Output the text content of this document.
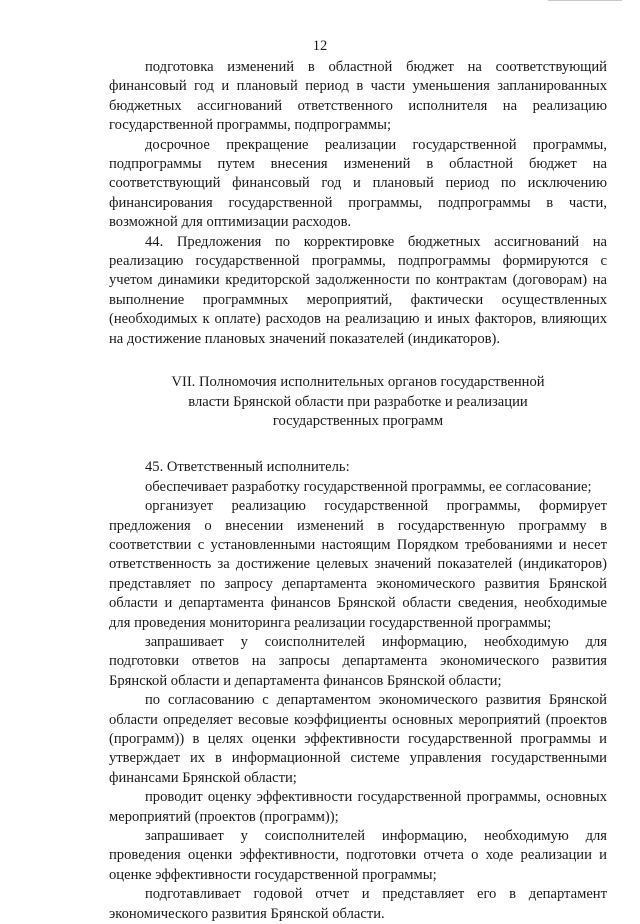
12

подготовка изменений в областной бюджет на соответствующий финансовый год и плановый период в части уменьшения запланированных бюджетных ассигнований ответственного исполнителя на реализацию государственной программы, подпрограммы;

досрочное прекращение реализации государственной программы, подпрограммы путем внесения изменений в областной бюджет на соответствующий финансовый год и плановый период по исключению финансирования государственной программы, подпрограммы в части, возможной для оптимизации расходов.

44. Предложения по корректировке бюджетных ассигнований на реализацию государственной программы, подпрограммы формируются с учетом динамики кредиторской задолженности по контрактам (договорам) на выполнение программных мероприятий, фактически осуществленных (необходимых к оплате) расходов на реализацию и иных факторов, влияющих на достижение плановых значений показателей (индикаторов).

VII. Полномочия исполнительных органов государственной
власти Брянской области при разработке и реализации
государственных программ

45. Ответственный исполнитель:

обеспечивает разработку государственной программы, ее согласование;

организует реализацию государственной программы, формирует предложения о внесении изменений в государственную программу в соответствии с установленными настоящим Порядком требованиями и несет ответственность за достижение целевых значений показателей (индикаторов) представляет по запросу департамента экономического развития Брянской области и департамента финансов Брянской области сведения, необходимые для проведения мониторинга реализации государственной программы;

запрашивает у соисполнителей информацию, необходимую для подготовки ответов на запросы департамента экономического развития Брянской области и департамента финансов Брянской области;

по согласованию с департаментом экономического развития Брянской области определяет весовые коэффициенты основных мероприятий (проектов (программ)) в целях оценки эффективности государственной программы и утверждает их в информационной системе управления государственными финансами Брянской области;

проводит оценку эффективности государственной программы, основных мероприятий (проектов (программ));

запрашивает у соисполнителей информацию, необходимую для проведения оценки эффективности, подготовки отчета о ходе реализации и оценке эффективности государственной программы;

подготавливает годовой отчет и представляет его в департамент экономического развития Брянской области.
